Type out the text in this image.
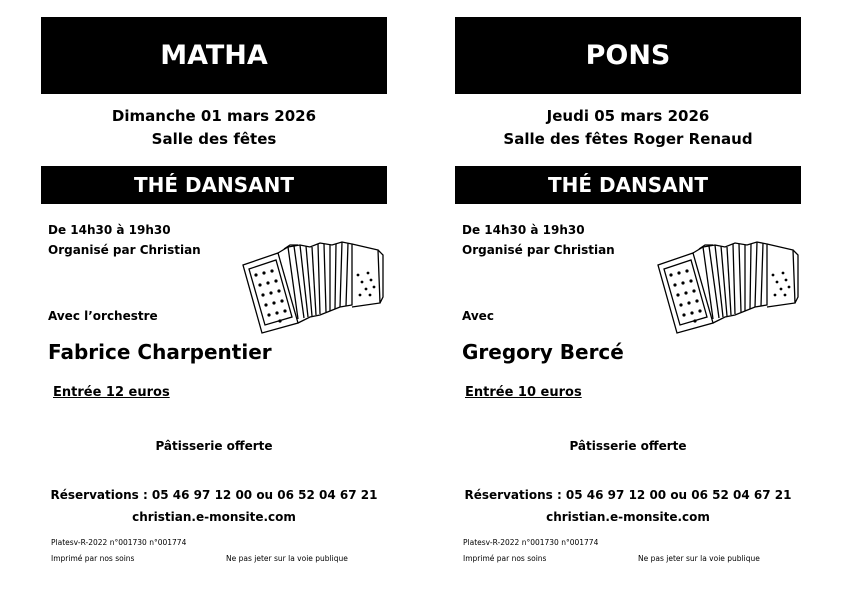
MATHA
Dimanche 01 mars 2026
Salle des fêtes
THÉ DANSANT
De 14h30 à 19h30
Organisé par Christian
Avec l’orchestre
Fabrice Charpentier
Entrée 12 euros
Pâtisserie offerte
Réservations : 05 46 97 12 00 ou 06 52 04 67 21
christian.e-monsite.com
Platesv-R-2022 n°001730 n°001774
Imprimé par nos soins	Ne pas jeter sur la voie publique
PONS
Jeudi 05 mars 2026
Salle des fêtes Roger Renaud
THÉ DANSANT
De 14h30 à 19h30
Organisé par Christian
Avec
Gregory Bercé
Entrée 10 euros
Pâtisserie offerte
Réservations : 05 46 97 12 00 ou 06 52 04 67 21
christian.e-monsite.com
Platesv-R-2022 n°001730 n°001774
Imprimé par nos soins	Ne pas jeter sur la voie publique
